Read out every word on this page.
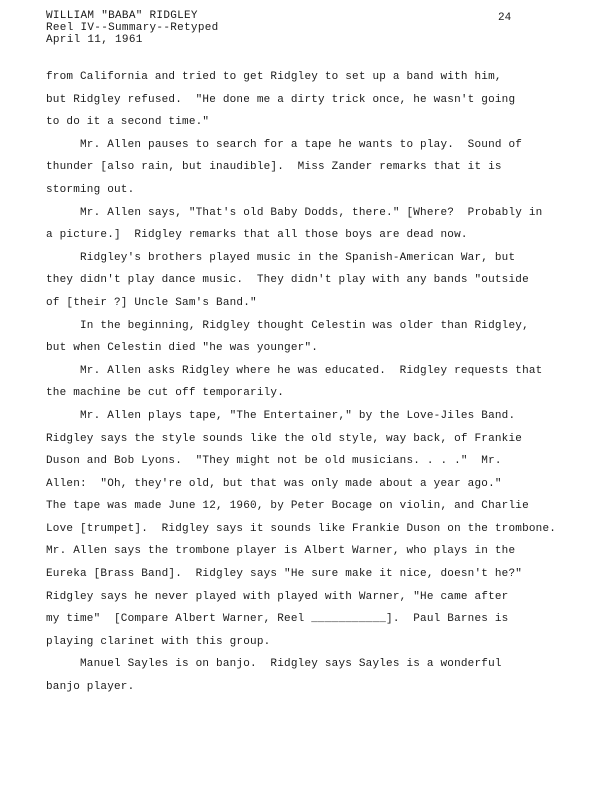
WILLIAM "BABA" RIDGLEY
Reel IV--Summary--Retyped
April 11, 1961
24
from California and tried to get Ridgley to set up a band with him,
but Ridgley refused.  "He done me a dirty trick once, he wasn't going
to do it a second time."
Mr. Allen pauses to search for a tape he wants to play.  Sound of
thunder [also rain, but inaudible].  Miss Zander remarks that it is
storming out.
Mr. Allen says, "That's old Baby Dodds, there." [Where?  Probably in
a picture.]  Ridgley remarks that all those boys are dead now.
Ridgley's brothers played music in the Spanish-American War, but
they didn't play dance music.  They didn't play with any bands "outside
of [their ?] Uncle Sam's Band."
In the beginning, Ridgley thought Celestin was older than Ridgley,
but when Celestin died "he was younger".
Mr. Allen asks Ridgley where he was educated.  Ridgley requests that
the machine be cut off temporarily.
Mr. Allen plays tape, "The Entertainer," by the Love-Jiles Band.
Ridgley says the style sounds like the old style, way back, of Frankie
Duson and Bob Lyons.  "They might not be old musicians. . . ."  Mr.
Allen:  "Oh, they're old, but that was only made about a year ago."
The tape was made June 12, 1960, by Peter Bocage on violin, and Charlie
Love [trumpet].  Ridgley says it sounds like Frankie Duson on the trombone.
Mr. Allen says the trombone player is Albert Warner, who plays in the
Eureka [Brass Band].  Ridgley says "He sure make it nice, doesn't he?"
Ridgley says he never played with played with Warner, "He came after
my time"  [Compare Albert Warner, Reel ___________].  Paul Barnes is
playing clarinet with this group.
Manuel Sayles is on banjo.  Ridgley says Sayles is a wonderful
banjo player.
